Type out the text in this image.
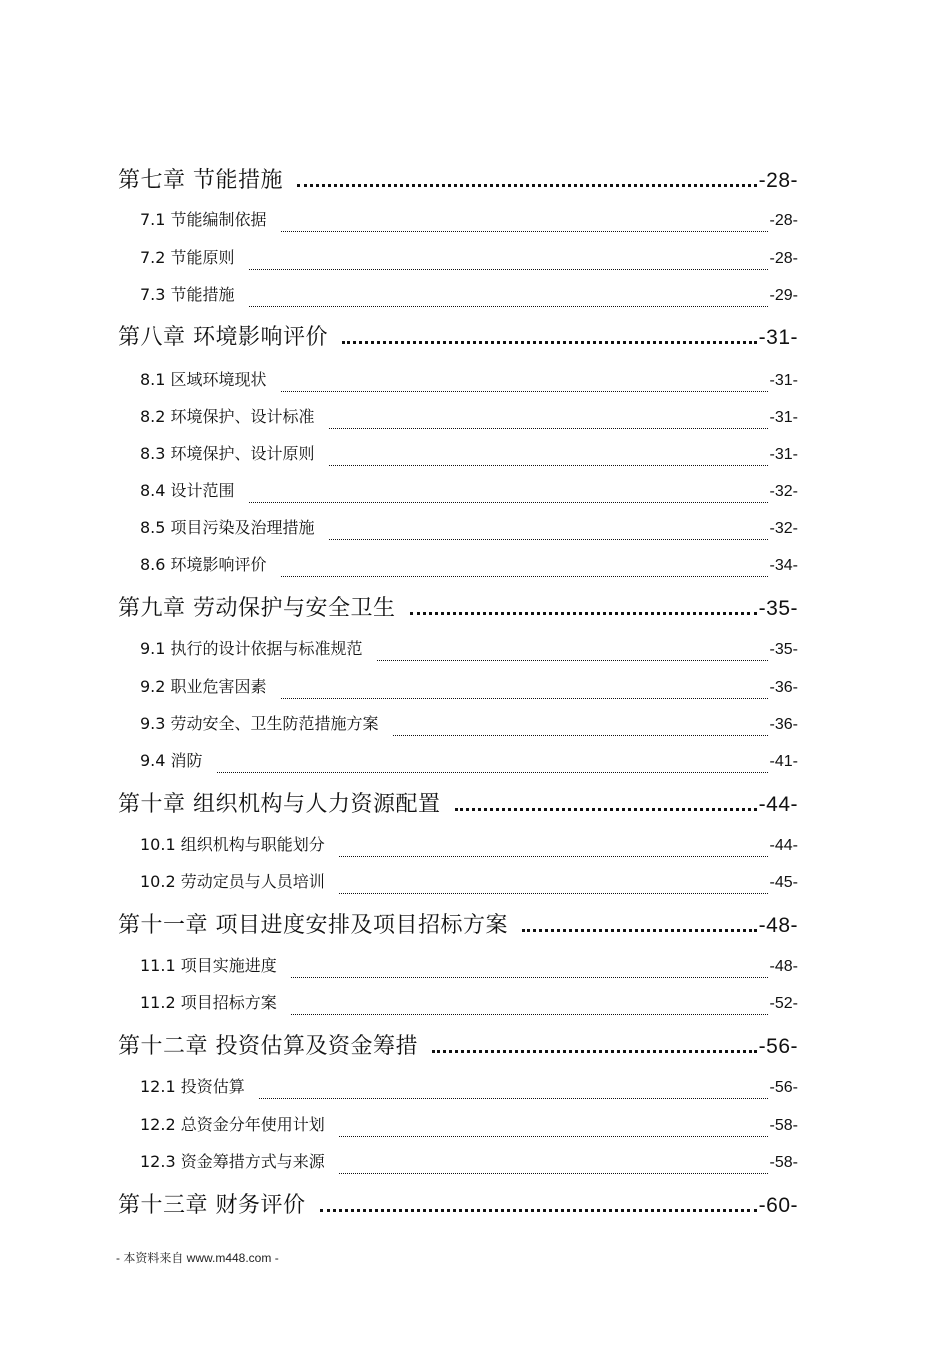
第七章 节能措施	-28-
7.1 节能编制依据	-28-
7.2 节能原则	-28-
7.3 节能措施	-29-
第八章 环境影响评价	-31-
8.1 区域环境现状	-31-
8.2 环境保护、设计标准	-31-
8.3 环境保护、设计原则	-31-
8.4 设计范围	-32-
8.5 项目污染及治理措施	-32-
8.6 环境影响评价	-34-
第九章 劳动保护与安全卫生	-35-
9.1 执行的设计依据与标准规范	-35-
9.2 职业危害因素	-36-
9.3 劳动安全、卫生防范措施方案	-36-
9.4 消防	-41-
第十章 组织机构与人力资源配置	-44-
10.1 组织机构与职能划分	-44-
10.2 劳动定员与人员培训	-45-
第十一章 项目进度安排及项目招标方案	-48-
11.1 项目实施进度	-48-
11.2 项目招标方案	-52-
第十二章 投资估算及资金筹措	-56-
12.1 投资估算	-56-
12.2 总资金分年使用计划	-58-
12.3 资金筹措方式与来源	-58-
第十三章 财务评价	-60-
- 本资料来自 www.m448.com -
